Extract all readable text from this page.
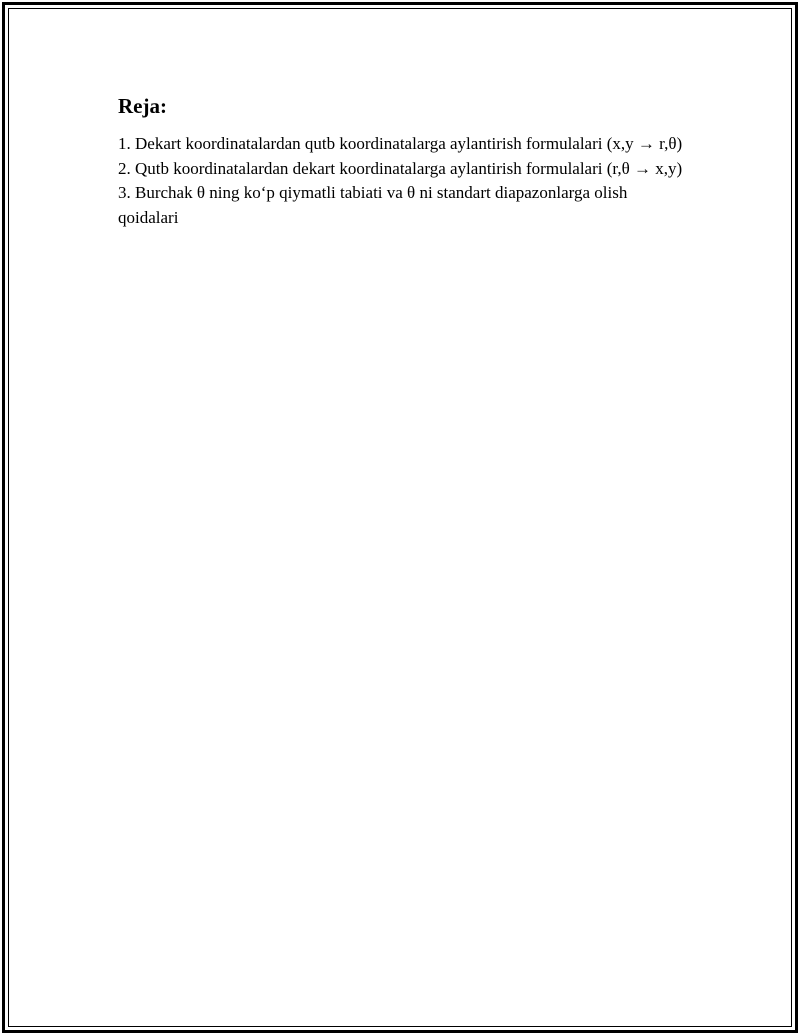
Reja:
1. Dekart koordinatalardan qutb koordinatalarga aylantirish formulalari (x,y → r,θ)
2. Qutb koordinatalardan dekart koordinatalarga aylantirish formulalari (r,θ → x,y)
3. Burchak θ ning ko‘p qiymatli tabiati va θ ni standart diapazonlarga olish qoidalari
